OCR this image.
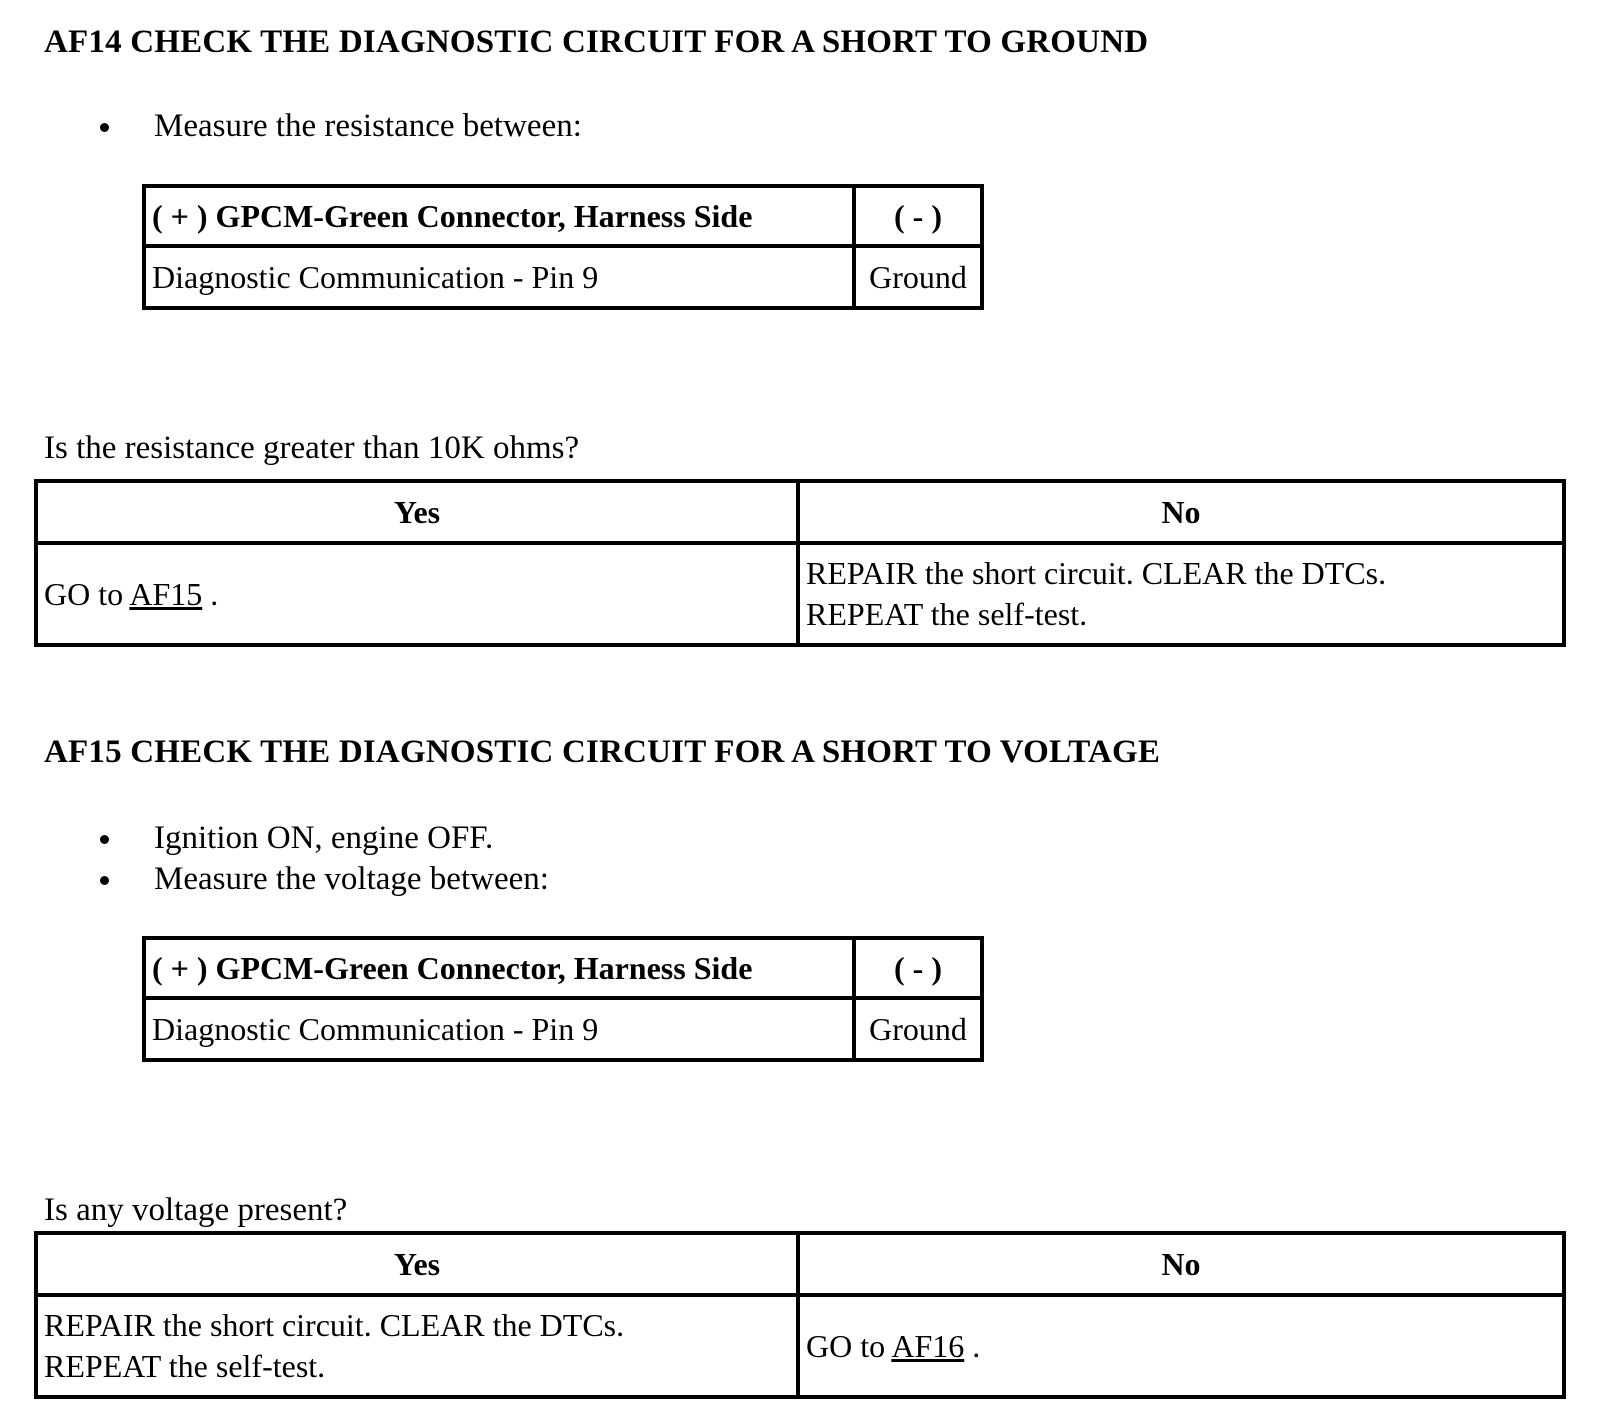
AF14 CHECK THE DIAGNOSTIC CIRCUIT FOR A SHORT TO GROUND
Measure the resistance between:
( + ) GPCM-Green Connector, Harness Side	( - )
Diagnostic Communication - Pin 9	Ground

Is the resistance greater than 10K ohms?

Yes	No
GO to AF15 .	REPAIR the short circuit. CLEAR the DTCs.
REPEAT the self-test.
AF15 CHECK THE DIAGNOSTIC CIRCUIT FOR A SHORT TO VOLTAGE
Ignition ON, engine OFF.
Measure the voltage between:
( + ) GPCM-Green Connector, Harness Side	( - )
Diagnostic Communication - Pin 9	Ground

Is any voltage present?

Yes	No

REPAIR the short circuit. CLEAR the DTCs.
REPEAT the self-test.	GO to AF16 .
